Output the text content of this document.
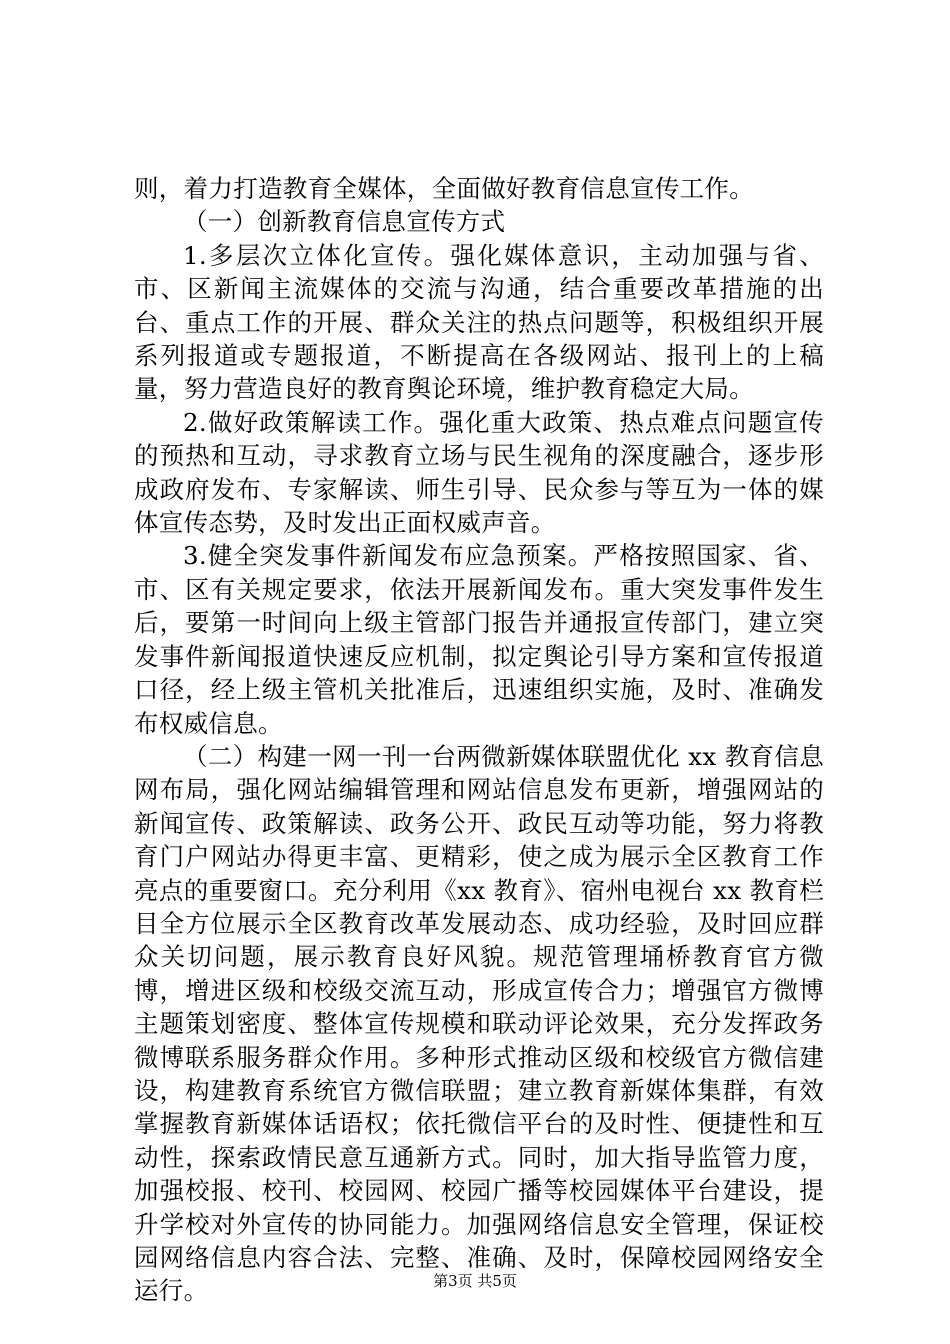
则，着力打造教育全媒体，全面做好教育信息宣传工作。

（一）创新教育信息宣传方式

1.多层次立体化宣传。强化媒体意识，主动加强与省、市、区新闻主流媒体的交流与沟通，结合重要改革措施的出台、重点工作的开展、群众关注的热点问题等，积极组织开展系列报道或专题报道，不断提高在各级网站、报刊上的上稿量，努力营造良好的教育舆论环境，维护教育稳定大局。

2.做好政策解读工作。强化重大政策、热点难点问题宣传的预热和互动，寻求教育立场与民生视角的深度融合，逐步形成政府发布、专家解读、师生引导、民众参与等互为一体的媒体宣传态势，及时发出正面权威声音。

3.健全突发事件新闻发布应急预案。严格按照国家、省、市、区有关规定要求，依法开展新闻发布。重大突发事件发生后，要第一时间向上级主管部门报告并通报宣传部门，建立突发事件新闻报道快速反应机制，拟定舆论引导方案和宣传报道口径，经上级主管机关批准后，迅速组织实施，及时、准确发布权威信息。

（二）构建一网一刊一台两微新媒体联盟优化 xx 教育信息网布局，强化网站编辑管理和网站信息发布更新，增强网站的新闻宣传、政策解读、政务公开、政民互动等功能，努力将教育门户网站办得更丰富、更精彩，使之成为展示全区教育工作亮点的重要窗口。充分利用《xx 教育》、宿州电视台 xx 教育栏目全方位展示全区教育改革发展动态、成功经验，及时回应群众关切问题，展示教育良好风貌。规范管理埇桥教育官方微博，增进区级和校级交流互动，形成宣传合力；增强官方微博主题策划密度、整体宣传规模和联动评论效果，充分发挥政务微博联系服务群众作用。多种形式推动区级和校级官方微信建设，构建教育系统官方微信联盟；建立教育新媒体集群，有效掌握教育新媒体话语权；依托微信平台的及时性、便捷性和互动性，探索政情民意互通新方式。同时，加大指导监管力度，加强校报、校刊、校园网、校园广播等校园媒体平台建设，提升学校对外宣传的协同能力。加强网络信息安全管理，保证校园网络信息内容合法、完整、准确、及时，保障校园网络安全运行。	第3页 共5页
